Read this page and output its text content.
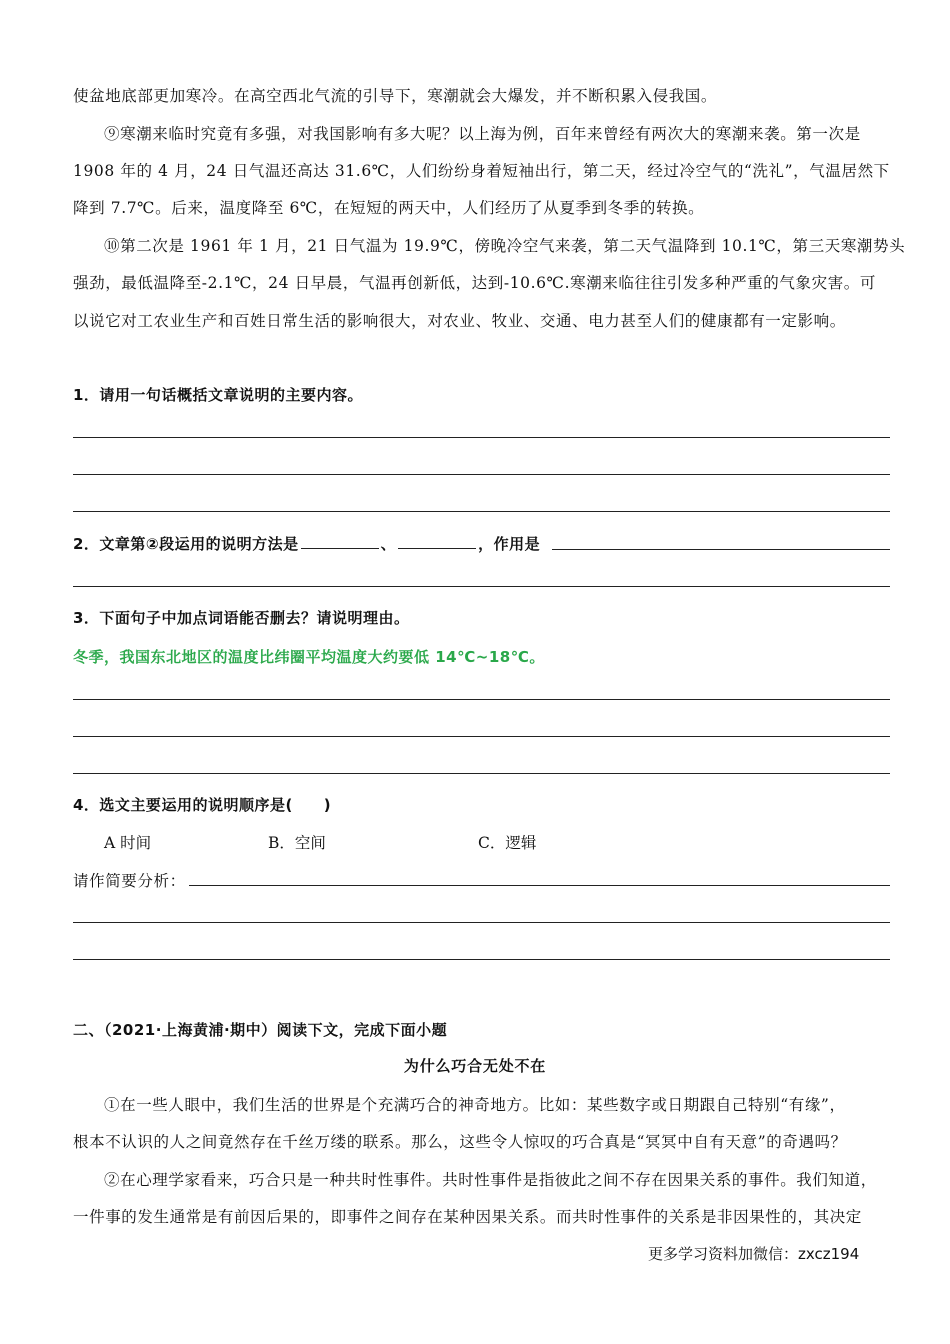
使盆地底部更加寒冷。在高空西北气流的引导下，寒潮就会大爆发，并不断积累入侵我国。
⑨寒潮来临时究竟有多强，对我国影响有多大呢？以上海为例，百年来曾经有两次大的寒潮来袭。第一次是
1908 年的 4 月，24 日气温还高达 31.6℃，人们纷纷身着短袖出行，第二天，经过冷空气的“洗礼”，气温居然下
降到 7.7℃。后来，温度降至 6℃，在短短的两天中，人们经历了从夏季到冬季的转换。
⑩第二次是 1961 年 1 月，21 日气温为 19.9℃，傍晚冷空气来袭，第二天气温降到 10.1℃，第三天寒潮势头
强劲，最低温降至-2.1℃，24 日早晨，气温再创新低，达到-10.6℃.寒潮来临往往引发多种严重的气象灾害。可
以说它对工农业生产和百姓日常生活的影响很大，对农业、牧业、交通、电力甚至人们的健康都有一定影响。
1．请用一句话概括文章说明的主要内容。
2．文章第②段运用的说明方法是	、	，作用是
3．下面句子中加点词语能否删去？请说明理由。
冬季，我国东北地区的温度比纬圈平均温度大约要低 14℃~18℃。
4．选文主要运用的说明顺序是(　　)
A 时间	B．空间	C．逻辑
请作简要分析：
二、（2021·上海黄浦·期中）阅读下文，完成下面小题
为什么巧合无处不在
①在一些人眼中，我们生活的世界是个充满巧合的神奇地方。比如：某些数字或日期跟自己特别“有缘”，
根本不认识的人之间竟然存在千丝万缕的联系。那么，这些令人惊叹的巧合真是“冥冥中自有天意”的奇遇吗？
②在心理学家看来，巧合只是一种共时性事件。共时性事件是指彼此之间不存在因果关系的事件。我们知道，
一件事的发生通常是有前因后果的，即事件之间存在某种因果关系。而共时性事件的关系是非因果性的，其决定
更多学习资料加微信：zxcz194
